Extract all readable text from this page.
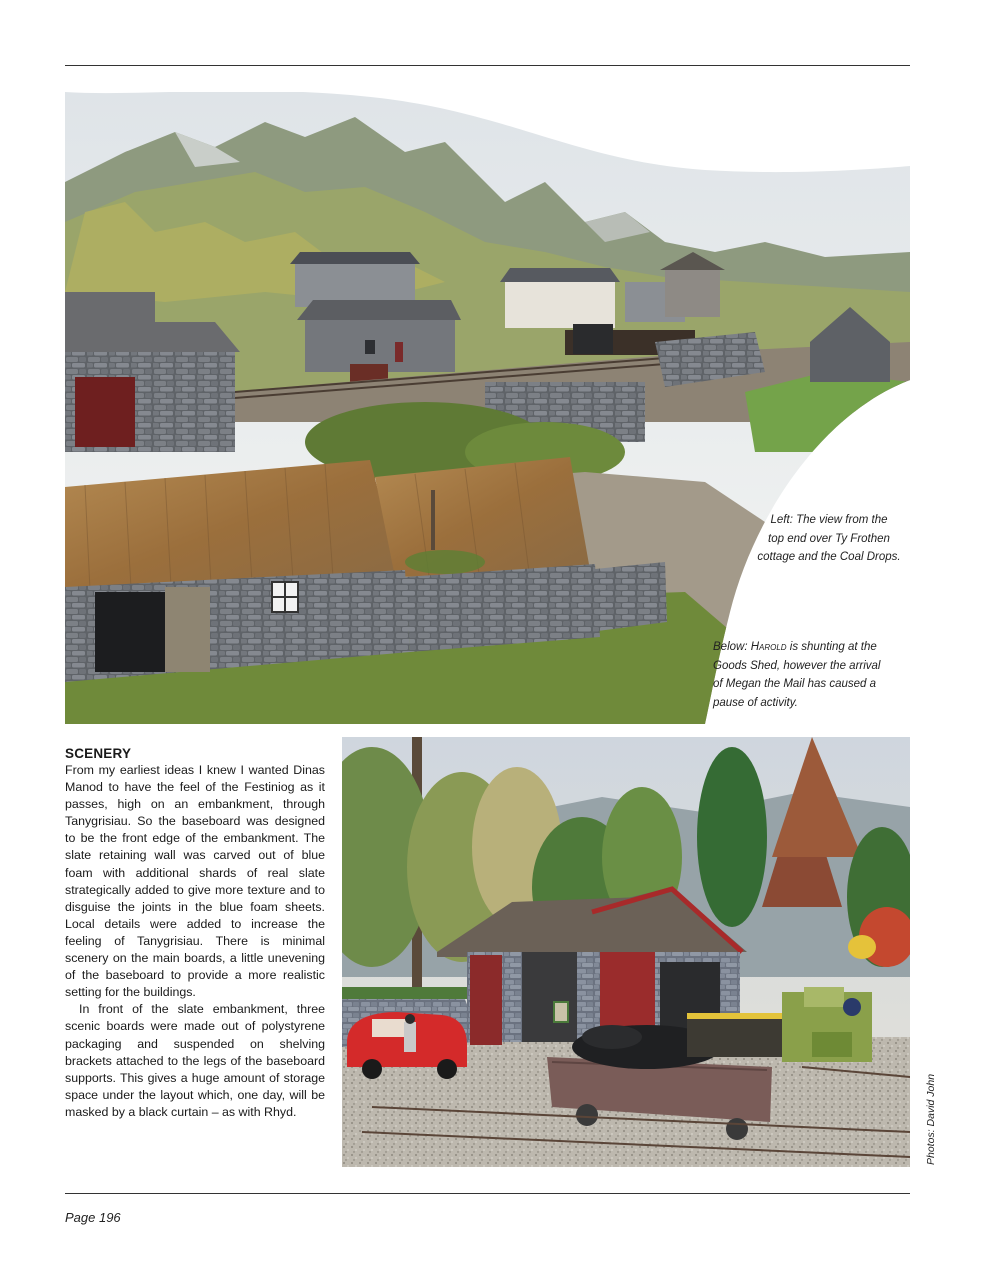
Left: The view from the
top end over Ty Frothen
cottage and the Coal Drops.
Below: Harold is shunting at the
Goods Shed, however the arrival
of Megan the Mail has caused a
pause of activity.
SCENERY

From my earliest ideas I knew I wanted Dinas Manod to have the feel of the Festiniog as it passes, high on an embankment, through Tanygrisiau. So the baseboard was designed to be the front edge of the embankment. The slate retaining wall was carved out of blue foam with additional shards of real slate strategically added to give more texture and to disguise the joints in the blue foam sheets. Local details were added to increase the feeling of Tanygrisiau. There is minimal scenery on the main boards, a little unevening of the baseboard to provide a more realistic setting for the buildings.

In front of the slate embankment, three scenic boards were made out of polystyrene packaging and suspended on shelving brackets attached to the legs of the baseboard supports. This gives a huge amount of storage space under the layout which, one day, will be masked by a black curtain – as with Rhyd.	Photos: David John
Page 196
